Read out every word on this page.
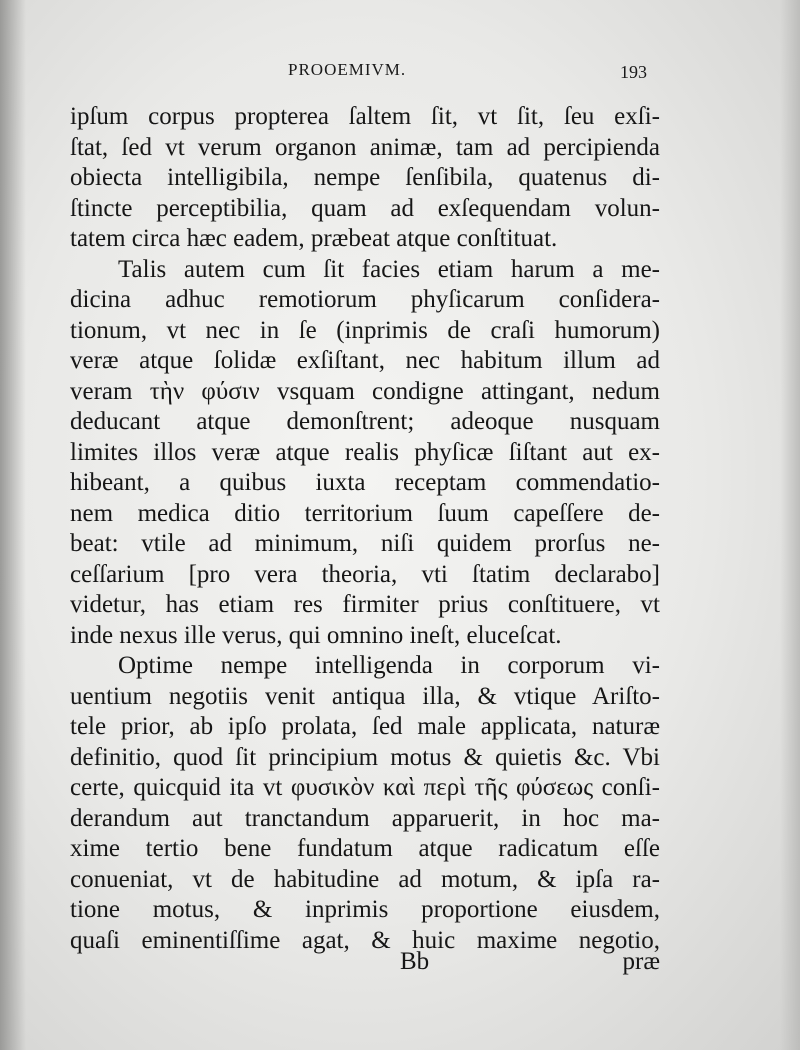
PROOEMIVM.	193
ipſum corpus propterea ſaltem ſit, vt ſit, ſeu exſi-
ſtat, ſed vt verum organon animæ, tam ad percipienda
obiecta intelligibila, nempe ſenſibila, quatenus di-
ſtincte perceptibilia, quam ad exſequendam volun-
tatem circa hæc eadem, præbeat atque conſtituat.
Talis autem cum ſit facies etiam harum a me-
dicina adhuc remotiorum phyſicarum conſidera-
tionum, vt nec in ſe (inprimis de craſi humorum)
veræ atque ſolidæ exſiſtant, nec habitum illum ad
veram τὴν φύσιν vsquam condigne attingant, nedum
deducant atque demonſtrent; adeoque nusquam
limites illos veræ atque realis phyſicæ ſiſtant aut ex-
hibeant, a quibus iuxta receptam commendatio-
nem medica ditio territorium ſuum capeſſere de-
beat: vtile ad minimum, niſi quidem prorſus ne-
ceſſarium [pro vera theoria, vti ſtatim declarabo]
videtur, has etiam res firmiter prius conſtituere, vt
inde nexus ille verus, qui omnino ineſt, eluceſcat.
Optime nempe intelligenda in corporum vi-
uentium negotiis venit antiqua illa, & vtique Ariſto-
tele prior, ab ipſo prolata, ſed male applicata, naturæ
definitio, quod ſit principium motus & quietis &c. Vbi
certe, quicquid ita vt φυσικὸν καὶ περὶ τῆς φύσεως conſi-
derandum aut tranctandum apparuerit, in hoc ma-
xime tertio bene fundatum atque radicatum eſſe
conueniat, vt de habitudine ad motum, & ipſa ra-
tione motus, & inprimis proportione eiusdem,
quaſi eminentiſſime agat, & huic maxime negotio,
Bb	præ
